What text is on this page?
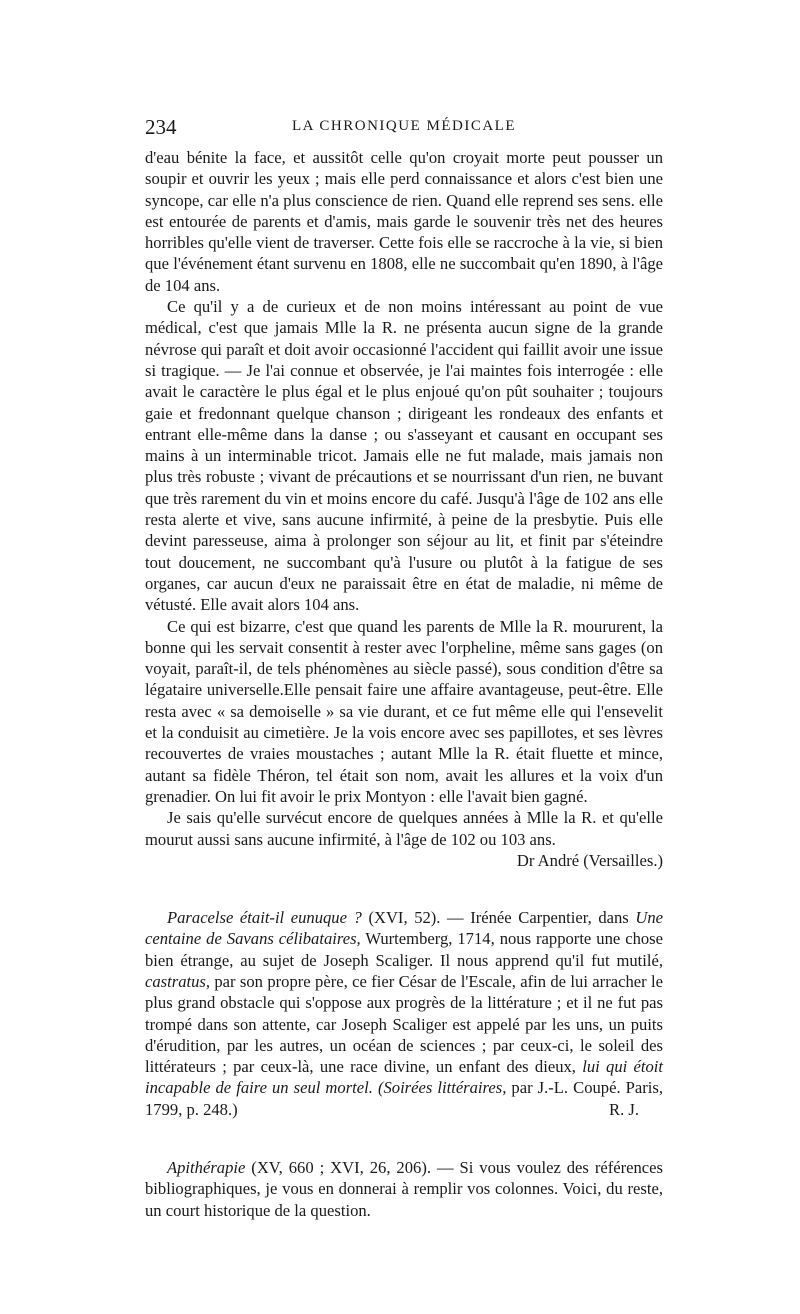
234	LA CHRONIQUE MÉDICALE

d'eau bénite la face, et aussitôt celle qu'on croyait morte peut pousser un soupir et ouvrir les yeux ; mais elle perd connaissance et alors c'est bien une syncope, car elle n'a plus conscience de rien. Quand elle reprend ses sens. elle est entourée de parents et d'amis, mais garde le souvenir très net des heures horribles qu'elle vient de traverser. Cette fois elle se raccroche à la vie, si bien que l'événement étant survenu en 1808, elle ne succombait qu'en 1890, à l'âge de 104 ans.

Ce qu'il y a de curieux et de non moins intéressant au point de vue médical, c'est que jamais Mlle la R. ne présenta aucun signe de la grande névrose qui paraît et doit avoir occasionné l'accident qui faillit avoir une issue si tragique. — Je l'ai connue et observée, je l'ai maintes fois interrogée : elle avait le caractère le plus égal et le plus enjoué qu'on pût souhaiter ; toujours gaie et fredonnant quelque chanson ; dirigeant les rondeaux des enfants et entrant elle-même dans la danse ; ou s'asseyant et causant en occupant ses mains à un interminable tricot. Jamais elle ne fut malade, mais jamais non plus très robuste ; vivant de précautions et se nourrissant d'un rien, ne buvant que très rarement du vin et moins encore du café. Jusqu'à l'âge de 102 ans elle resta alerte et vive, sans aucune infirmité, à peine de la presbytie. Puis elle devint paresseuse, aima à prolonger son séjour au lit, et finit par s'éteindre tout doucement, ne succombant qu'à l'usure ou plutôt à la fatigue de ses organes, car aucun d'eux ne paraissait être en état de maladie, ni même de vétusté. Elle avait alors 104 ans.

Ce qui est bizarre, c'est que quand les parents de Mlle la R. moururent, la bonne qui les servait consentit à rester avec l'orpheline, même sans gages (on voyait, paraît-il, de tels phénomènes au siècle passé), sous condition d'être sa légataire universelle.Elle pensait faire une affaire avantageuse, peut-être. Elle resta avec « sa demoiselle » sa vie durant, et ce fut même elle qui l'ensevelit et la conduisit au cimetière. Je la vois encore avec ses papillotes, et ses lèvres recouvertes de vraies moustaches ; autant Mlle la R. était fluette et mince, autant sa fidèle Théron, tel était son nom, avait les allures et la voix d'un grenadier. On lui fit avoir le prix Montyon : elle l'avait bien gagné.

Je sais qu'elle survécut encore de quelques années à Mlle la R. et qu'elle mourut aussi sans aucune infirmité, à l'âge de 102 ou 103 ans.

Dr André (Versailles.)

Paracelse était-il eunuque ? (XVI, 52). — Irénée Carpentier, dans Une centaine de Savans célibataires, Wurtemberg, 1714, nous rapporte une chose bien étrange, au sujet de Joseph Scaliger. Il nous apprend qu'il fut mutilé, castratus, par son propre père, ce fier César de l'Escale, afin de lui arracher le plus grand obstacle qui s'oppose aux progrès de la littérature ; et il ne fut pas trompé dans son attente, car Joseph Scaliger est appelé par les uns, un puits d'érudition, par les autres, un océan de sciences ; par ceux-ci, le soleil des littérateurs ; par ceux-là, une race divine, un enfant des dieux, lui qui étoit incapable de faire un seul mortel. (Soirées littéraires, par J.-L. Coupé. Paris, 1799, p. 248.)	R. J.

Apithérapie (XV, 660 ; XVI, 26, 206). — Si vous voulez des références bibliographiques, je vous en donnerai à remplir vos colonnes. Voici, du reste, un court historique de la question.
